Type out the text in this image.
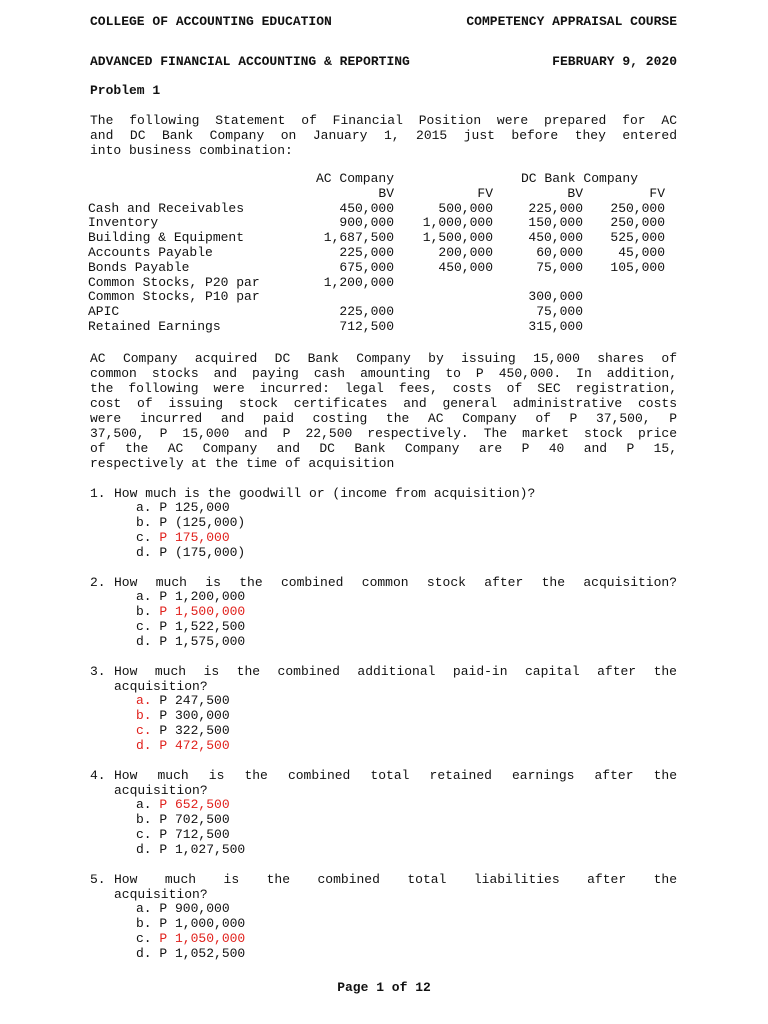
COLLEGE OF ACCOUNTING EDUCATION	COMPETENCY APPRAISAL COURSE
ADVANCED FINANCIAL ACCOUNTING & REPORTING	FEBRUARY 9, 2020
Problem 1
The following Statement of Financial Position were prepared for AC
and DC Bank Company on January 1, 2015 just before they entered
into business combination:
	AC Company		DC Bank Company	
	BV	FV	BV	FV
Cash and Receivables	450,000	500,000	225,000	250,000
Inventory	900,000	1,000,000	150,000	250,000
Building & Equipment	1,687,500	1,500,000	450,000	525,000
Accounts Payable	225,000	200,000	60,000	45,000
Bonds Payable	675,000	450,000	75,000	105,000
Common Stocks, P20 par	1,200,000			
Common Stocks, P10 par			300,000	
APIC	225,000		75,000	
Retained Earnings	712,500		315,000	
AC Company acquired DC Bank Company by issuing 15,000 shares of
common stocks and paying cash amounting to P 450,000. In addition,
the following were incurred: legal fees, costs of SEC registration,
cost of issuing stock certificates and general administrative costs
were incurred and paid costing the AC Company of P 37,500, P
37,500, P 15,000 and P 22,500 respectively. The market stock price
of the AC Company and DC Bank Company are P 40 and P 15,
respectively at the time of acquisition
1. How much is the goodwill or (income from acquisition)?
a. P 125,000
b. P (125,000)
c. P 175,000
d. P (175,000)
2. How much is the combined common stock after the acquisition?
a. P 1,200,000
b. P 1,500,000
c. P 1,522,500
d. P 1,575,000
3. How much is the combined additional paid-in capital after the
acquisition?
a. P 247,500
b. P 300,000
c. P 322,500
d. P 472,500
4. How much is the combined total retained earnings after the
acquisition?
a. P 652,500
b. P 702,500
c. P 712,500
d. P 1,027,500
5. How much is the combined total liabilities after the
acquisition?
a. P 900,000
b. P 1,000,000
c. P 1,050,000
d. P 1,052,500
Page 1 of 12
